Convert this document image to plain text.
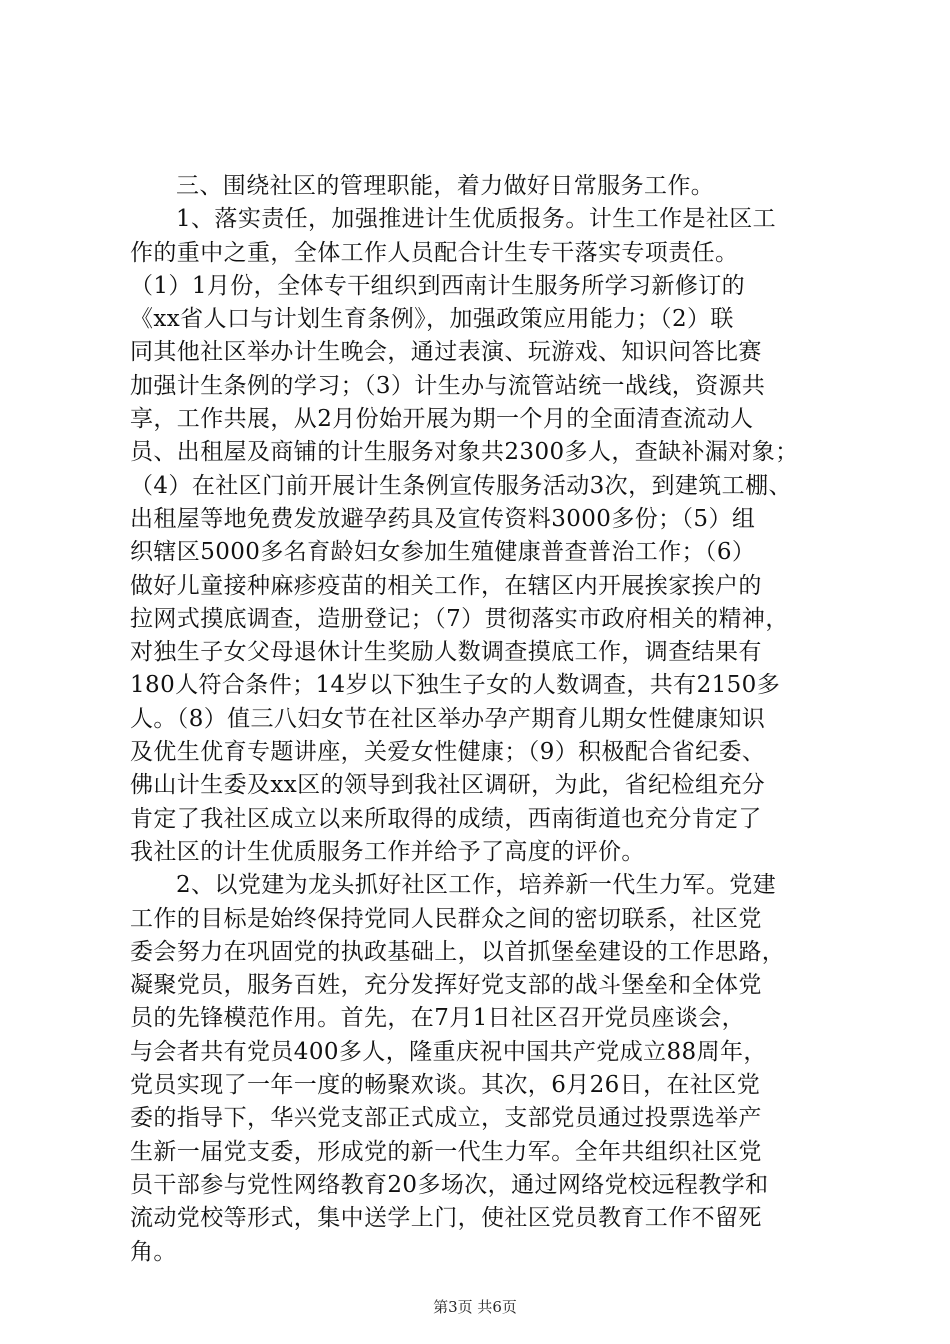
三、围绕社区的管理职能，着力做好日常服务工作。
1、落实责任，加强推进计生优质报务。计生工作是社区工
作的重中之重，全体工作人员配合计生专干落实专项责任。
（1）1月份，全体专干组织到西南计生服务所学习新修订的
《xx省人口与计划生育条例》，加强政策应用能力；（2）联
同其他社区举办计生晚会，通过表演、玩游戏、知识问答比赛
加强计生条例的学习；（3）计生办与流管站统一战线，资源共
享，工作共展，从2月份始开展为期一个月的全面清查流动人
员、出租屋及商铺的计生服务对象共2300多人，查缺补漏对象；
（4）在社区门前开展计生条例宣传服务活动3次，到建筑工棚、
出租屋等地免费发放避孕药具及宣传资料3000多份；（5）组
织辖区5000多名育龄妇女参加生殖健康普查普治工作；（6）
做好儿童接种麻疹疫苗的相关工作，在辖区内开展挨家挨户的
拉网式摸底调查，造册登记；（7）贯彻落实市政府相关的精神，
对独生子女父母退休计生奖励人数调查摸底工作，调查结果有
180人符合条件；14岁以下独生子女的人数调查，共有2150多
人。（8）值三八妇女节在社区举办孕产期育儿期女性健康知识
及优生优育专题讲座，关爱女性健康；（9）积极配合省纪委、
佛山计生委及xx区的领导到我社区调研，为此，省纪检组充分
肯定了我社区成立以来所取得的成绩，西南街道也充分肯定了
我社区的计生优质服务工作并给予了高度的评价。
2、以党建为龙头抓好社区工作，培养新一代生力军。党建
工作的目标是始终保持党同人民群众之间的密切联系，社区党
委会努力在巩固党的执政基础上，以首抓堡垒建设的工作思路，
凝聚党员，服务百姓，充分发挥好党支部的战斗堡垒和全体党
员的先锋模范作用。首先，在7月1日社区召开党员座谈会，
与会者共有党员400多人，隆重庆祝中国共产党成立88周年，
党员实现了一年一度的畅聚欢谈。其次，6月26日，在社区党
委的指导下，华兴党支部正式成立，支部党员通过投票选举产
生新一届党支委，形成党的新一代生力军。全年共组织社区党
员干部参与党性网络教育20多场次，通过网络党校远程教学和
流动党校等形式，集中送学上门，使社区党员教育工作不留死
角。
第3页 共6页
